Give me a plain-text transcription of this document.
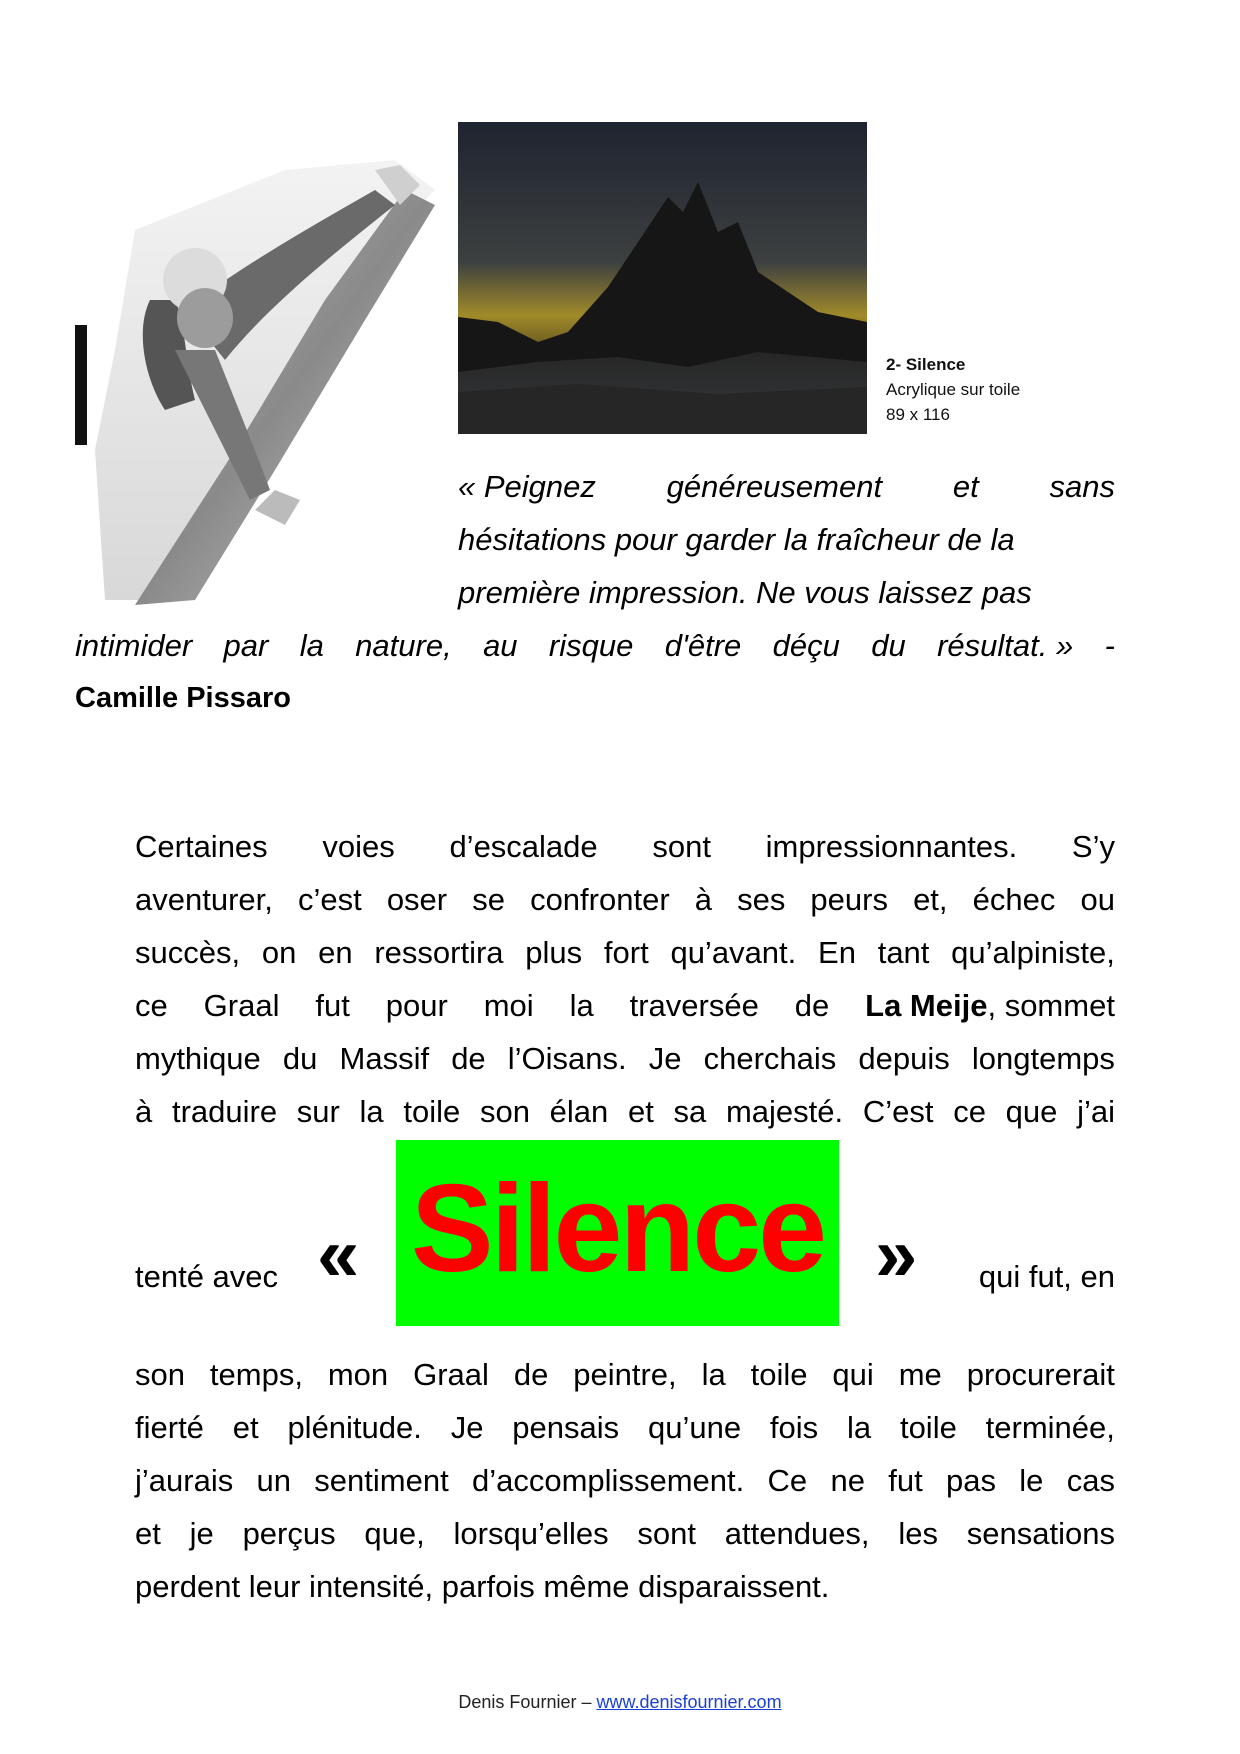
2- Silence
Acrylique sur toile
89 x 116
« Peignez généreusement et sans
hésitations pour garder la fraîcheur de la
première impression. Ne vous laissez pas
intimider par la nature, au risque d'être déçu du résultat. » -
Camille Pissaro
Certaines voies d’escalade sont impressionnantes. S’y
aventurer, c’est oser se confronter à ses peurs et, échec ou
succès, on en ressortira plus fort qu’avant. En tant qu’alpiniste,
ce Graal fut pour moi la traversée de La Meije, sommet
mythique du Massif de l’Oisans. Je cherchais depuis longtemps
à traduire sur la toile son élan et sa majesté. C’est ce que j’ai
tenté avec « Silence » qui fut, en
son temps, mon Graal de peintre, la toile qui me procurerait
fierté et plénitude. Je pensais qu’une fois la toile terminée,
j’aurais un sentiment d’accomplissement. Ce ne fut pas le cas
et je perçus que, lorsqu’elles sont attendues, les sensations
perdent leur intensité, parfois même disparaissent.
Denis Fournier – www.denisfournier.com
